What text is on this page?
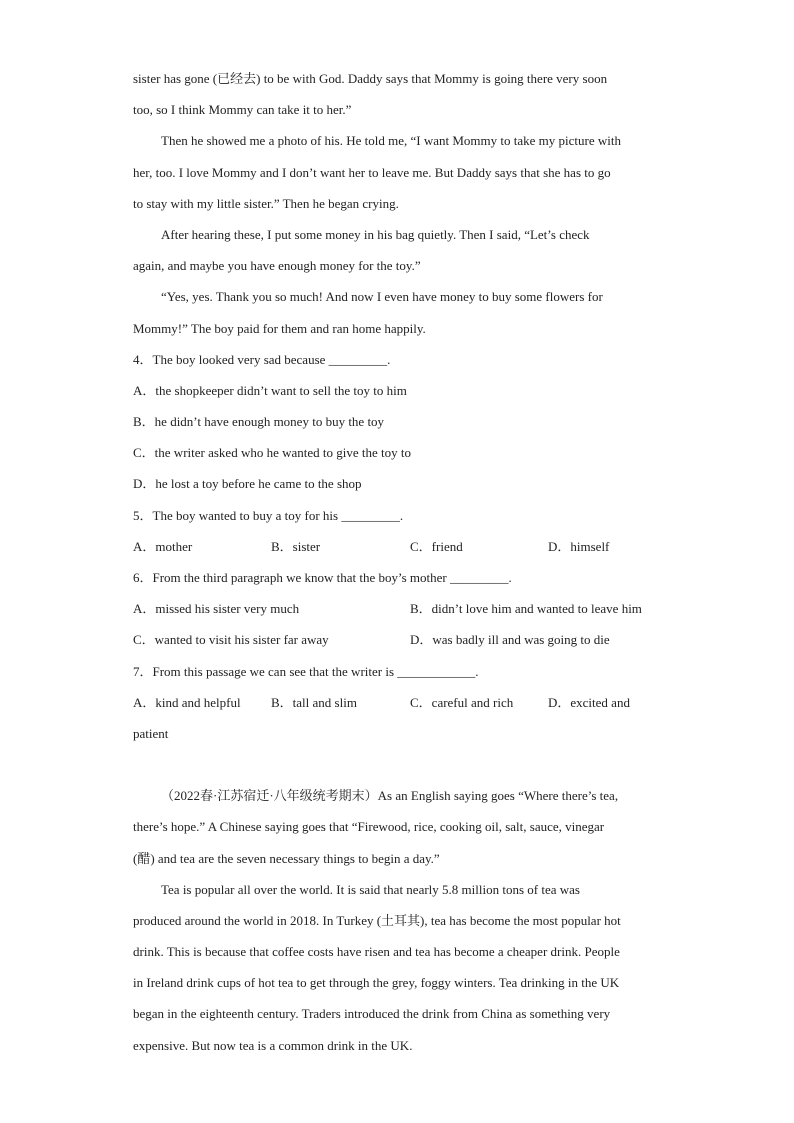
sister has gone (已经去) to be with God. Daddy says that Mommy is going there very soon
too, so I think Mommy can take it to her.”
Then he showed me a photo of his. He told me, “I want Mommy to take my picture with
her, too. I love Mommy and I don’t want her to leave me. But Daddy says that she has to go
to stay with my little sister.” Then he began crying.
After hearing these, I put some money in his bag quietly. Then I said, “Let’s check
again, and maybe you have enough money for the toy.”
“Yes, yes. Thank you so much! And now I even have money to buy some flowers for
Mommy!” The boy paid for them and ran home happily.
4．The boy looked very sad because _________.
A．the shopkeeper didn’t want to sell the toy to him
B．he didn’t have enough money to buy the toy
C．the writer asked who he wanted to give the toy to
D．he lost a toy before he came to the shop
5．The boy wanted to buy a toy for his _________.
A．mother	B．sister	C．friend	D．himself
6．From the third paragraph we know that the boy’s mother _________.
A．missed his sister very much	B．didn’t love him and wanted to leave him
C．wanted to visit his sister far away	D．was badly ill and was going to die
7．From this passage we can see that the writer is ____________.
A．kind and helpful B．tall and slim	C．careful and rich	D．excited and
patient
（2022春·江苏宿迁·八年级统考期末）As an English saying goes “Where there’s tea,
there’s hope.” A Chinese saying goes that “Firewood, rice, cooking oil, salt, sauce, vinegar
(醋) and tea are the seven necessary things to begin a day.”
Tea is popular all over the world. It is said that nearly 5.8 million tons of tea was
produced around the world in 2018. In Turkey (土耳其), tea has become the most popular hot
drink. This is because that coffee costs have risen and tea has become a cheaper drink. People
in Ireland drink cups of hot tea to get through the grey, foggy winters. Tea drinking in the UK
began in the eighteenth century. Traders introduced the drink from China as something very
expensive. But now tea is a common drink in the UK.
